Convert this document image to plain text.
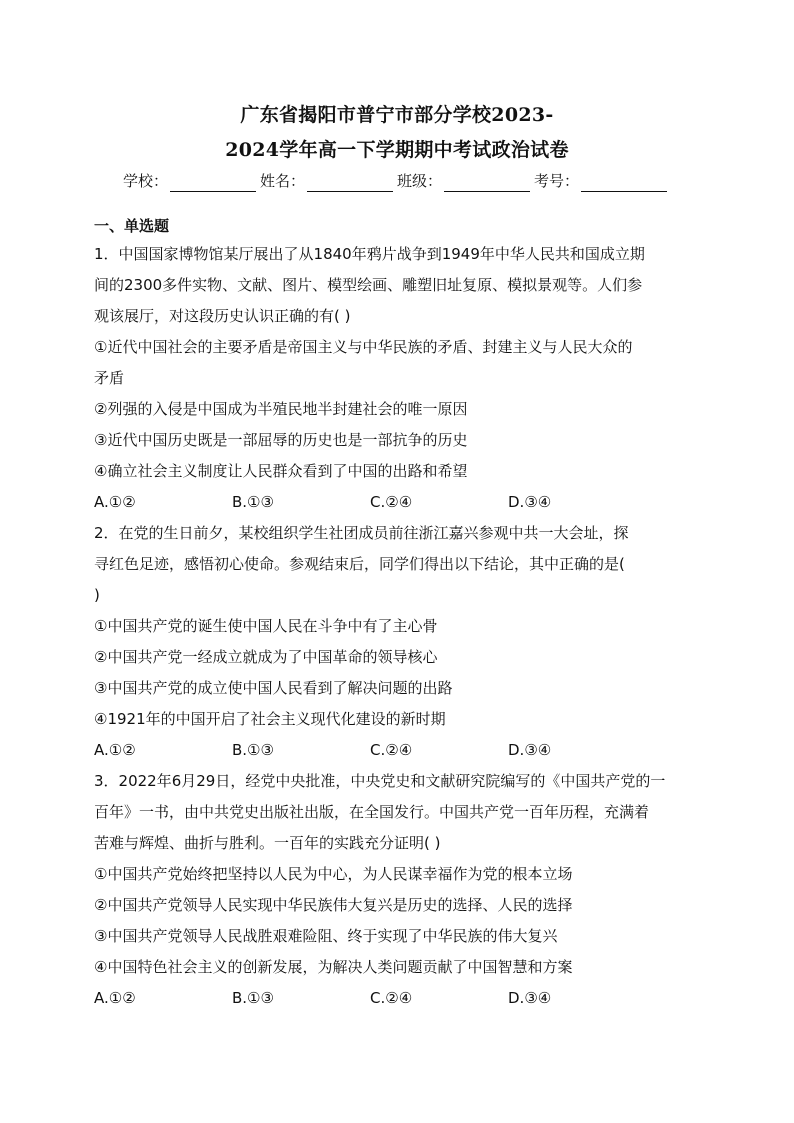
广东省揭阳市普宁市部分学校2023-
2024学年高一下学期期中考试政治试卷
学校：	姓名：	班级：	考号：
一、单选题
1．中国国家博物馆某厅展出了从1840年鸦片战争到1949年中华人民共和国成立期
间的2300多件实物、文献、图片、模型绘画、雕塑旧址复原、模拟景观等。人们参
观该展厅，对这段历史认识正确的有( )
①近代中国社会的主要矛盾是帝国主义与中华民族的矛盾、封建主义与人民大众的
矛盾
②列强的入侵是中国成为半殖民地半封建社会的唯一原因
③近代中国历史既是一部屈辱的历史也是一部抗争的历史
④确立社会主义制度让人民群众看到了中国的出路和希望
A.①②	B.①③	C.②④	D.③④
2．在党的生日前夕，某校组织学生社团成员前往浙江嘉兴参观中共一大会址，探
寻红色足迹，感悟初心使命。参观结束后，同学们得出以下结论，其中正确的是(
)
①中国共产党的诞生使中国人民在斗争中有了主心骨
②中国共产党一经成立就成为了中国革命的领导核心
③中国共产党的成立使中国人民看到了解决问题的出路
④1921年的中国开启了社会主义现代化建设的新时期
A.①②	B.①③	C.②④	D.③④
3．2022年6月29日，经党中央批准，中央党史和文献研究院编写的《中国共产党的一
百年》一书，由中共党史出版社出版，在全国发行。中国共产党一百年历程，充满着
苦难与辉煌、曲折与胜利。一百年的实践充分证明( )
①中国共产党始终把坚持以人民为中心，为人民谋幸福作为党的根本立场
②中国共产党领导人民实现中华民族伟大复兴是历史的选择、人民的选择
③中国共产党领导人民战胜艰难险阻、终于实现了中华民族的伟大复兴
④中国特色社会主义的创新发展，为解决人类问题贡献了中国智慧和方案
A.①②	B.①③	C.②④	D.③④
